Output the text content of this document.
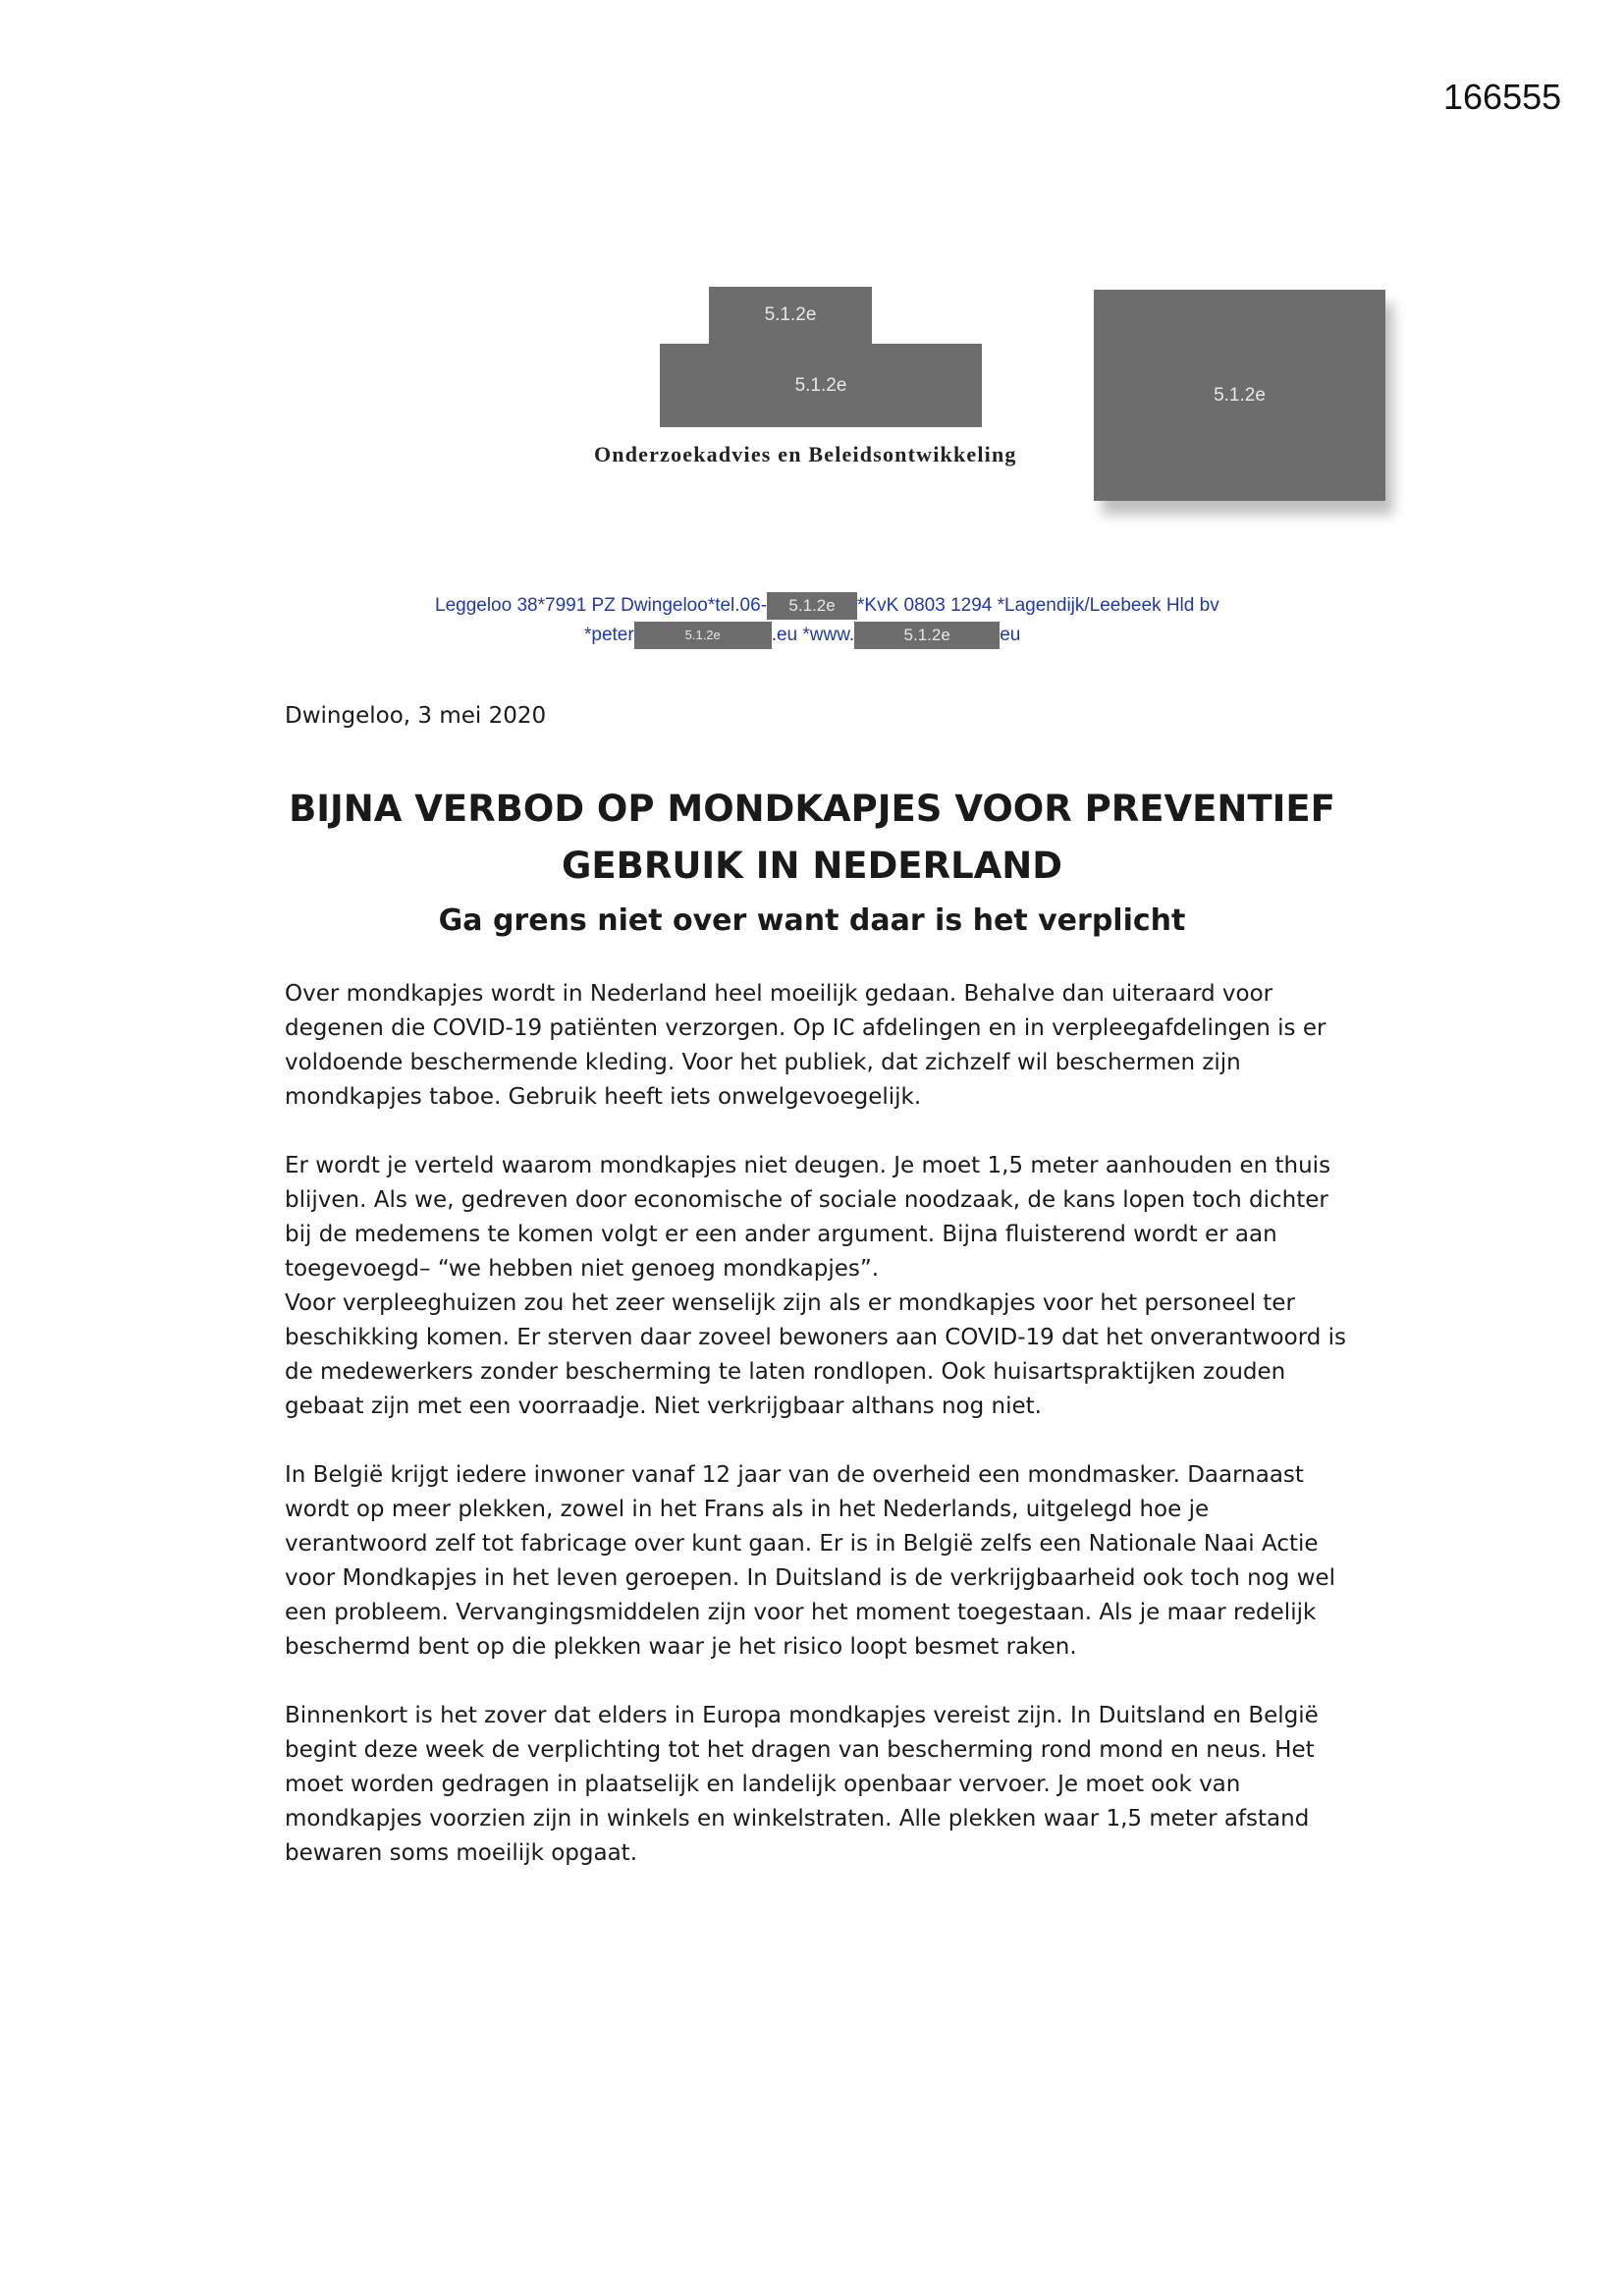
166555
5.1.2e
5.1.2e	5.1.2e
Onderzoekadvies en Beleidsontwikkeling
Leggeloo 38*7991 PZ Dwingeloo*tel.06- 5.1.2e *KvK 0803 1294 *Lagendijk/Leebeek Hld bv
*peter	5.1.2e	.eu *www.	5.1.2e	eu
Dwingeloo, 3 mei 2020
BIJNA VERBOD OP MONDKAPJES VOOR PREVENTIEF
GEBRUIK IN NEDERLAND
Ga grens niet over want daar is het verplicht

Over mondkapjes wordt in Nederland heel moeilijk gedaan. Behalve dan uiteraard voor degenen die COVID-19 patiënten verzorgen. Op IC afdelingen en in verpleegafdelingen is er voldoende beschermende kleding. Voor het publiek, dat zichzelf wil beschermen zijn mondkapjes taboe. Gebruik heeft iets onwelgevoegelijk.

Er wordt je verteld waarom mondkapjes niet deugen. Je moet 1,5 meter aanhouden en thuis blijven. Als we, gedreven door economische of sociale noodzaak, de kans lopen toch dichter bij de medemens te komen volgt er een ander argument. Bijna fluisterend wordt er aan toegevoegd– “we hebben niet genoeg mondkapjes”.

Voor verpleeghuizen zou het zeer wenselijk zijn als er mondkapjes voor het personeel ter beschikking komen. Er sterven daar zoveel bewoners aan COVID-19 dat het onverantwoord is de medewerkers zonder bescherming te laten rondlopen. Ook huisartspraktijken zouden gebaat zijn met een voorraadje. Niet verkrijgbaar althans nog niet.

In België krijgt iedere inwoner vanaf 12 jaar van de overheid een mondmasker. Daarnaast wordt op meer plekken, zowel in het Frans als in het Nederlands, uitgelegd hoe je verantwoord zelf tot fabricage over kunt gaan. Er is in België zelfs een Nationale Naai Actie voor Mondkapjes in het leven geroepen. In Duitsland is de verkrijgbaarheid ook toch nog wel een probleem. Vervangingsmiddelen zijn voor het moment toegestaan. Als je maar redelijk beschermd bent op die plekken waar je het risico loopt besmet raken.

Binnenkort is het zover dat elders in Europa mondkapjes vereist zijn. In Duitsland en België begint deze week de verplichting tot het dragen van bescherming rond mond en neus. Het moet worden gedragen in plaatselijk en landelijk openbaar vervoer. Je moet ook van mondkapjes voorzien zijn in winkels en winkelstraten. Alle plekken waar 1,5 meter afstand bewaren soms moeilijk opgaat.
